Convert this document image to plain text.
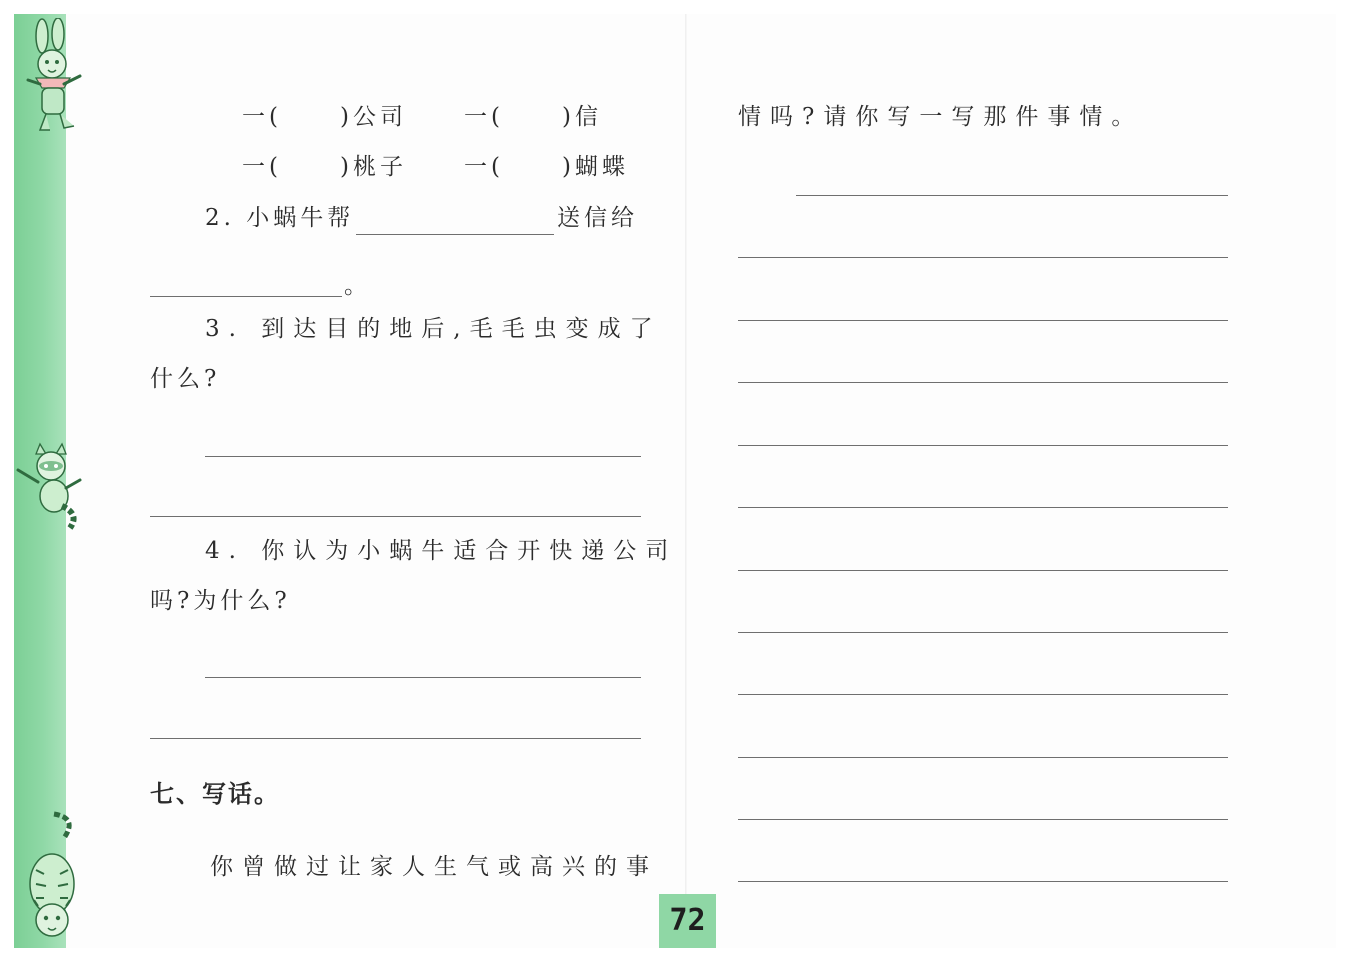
一(	)公司 一(	)信
一(	)桃子 一(	)蝴蝶
2. 小蜗牛帮	送信给
。
3. 到达目的地后,毛毛虫变成了
什么?
4. 你认为小蜗牛适合开快递公司
吗?为什么?
七、写话。
你曾做过让家人生气或高兴的事
情吗?请你写一写那件事情。
72
